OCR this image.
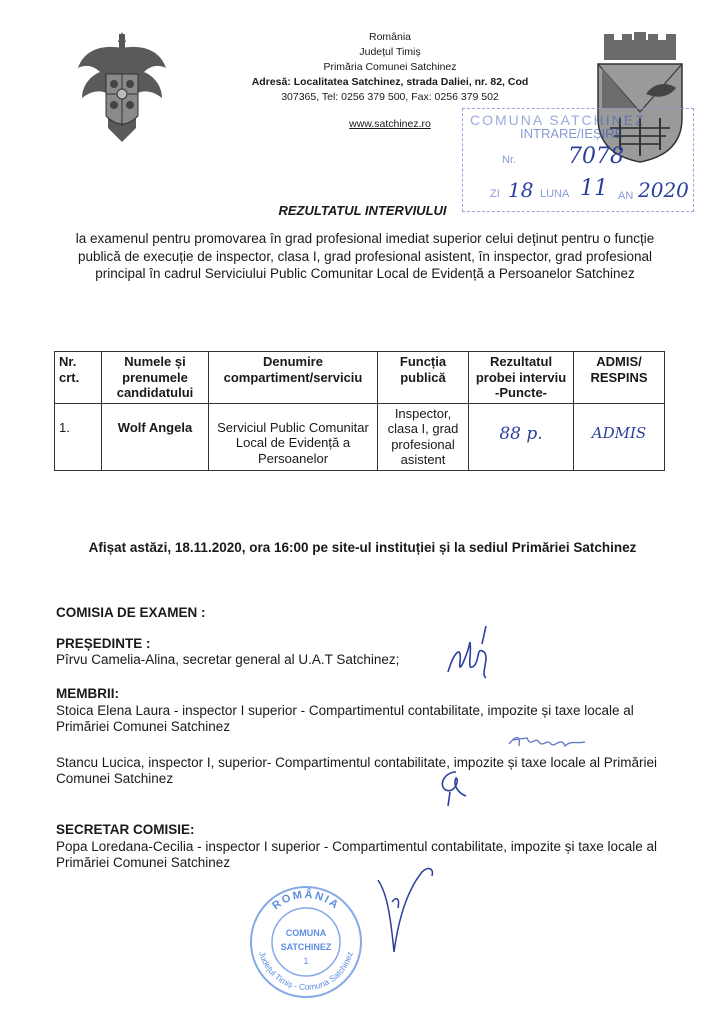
România
Județul Timiș
Primăria Comunei Satchinez
Adresă: Localitatea Satchinez, strada Daliei, nr. 82, Cod
307365, Tel: 0256 379 500, Fax: 0256 379 502
www.satchinez.ro	COMUNA SATCHINEZ
INTRARE/IEȘIRE
Nr. 7078
ZI 18 LUNA 11 AN 2020
REZULTATUL INTERVIULUI
la examenul pentru promovarea în grad profesional imediat superior celui deținut pentru o funcție publică de execuție de inspector, clasa I, grad profesional asistent, în inspector, grad profesional principal în cadrul Serviciului Public Comunitar Local de Evidență a Persoanelor Satchinez
Nr. crt.	Numele și prenumele candidatului	Denumire compartiment/serviciu	Funcția publică	Rezultatul probei interviu -Puncte-	ADMIS/ RESPINS
1.	Wolf Angela	Serviciul Public Comunitar Local de Evidență a Persoanelor	Inspector, clasa I, grad profesional asistent	88 p.	ADMIS
Afișat astăzi, 18.11.2020, ora 16:00 pe site-ul instituției și la sediul Primăriei Satchinez
COMISIA DE EXAMEN :
PREȘEDINTE :
Pîrvu Camelia-Alina, secretar general al U.A.T Satchinez;
MEMBRII:
Stoica Elena Laura - inspector I superior - Compartimentul contabilitate, impozite și taxe locale al Primăriei Comunei Satchinez
Stancu Lucica, inspector I, superior- Compartimentul contabilitate, impozite și taxe locale al Primăriei Comunei Satchinez
SECRETAR COMISIE:
Popa Loredana-Cecilia - inspector I superior - Compartimentul contabilitate, impozite și taxe locale al Primăriei Comunei Satchinez
ROMÂNIA
Județul Timiș - Comuna Satchinez
COMUNA
SATCHINEZ
1
